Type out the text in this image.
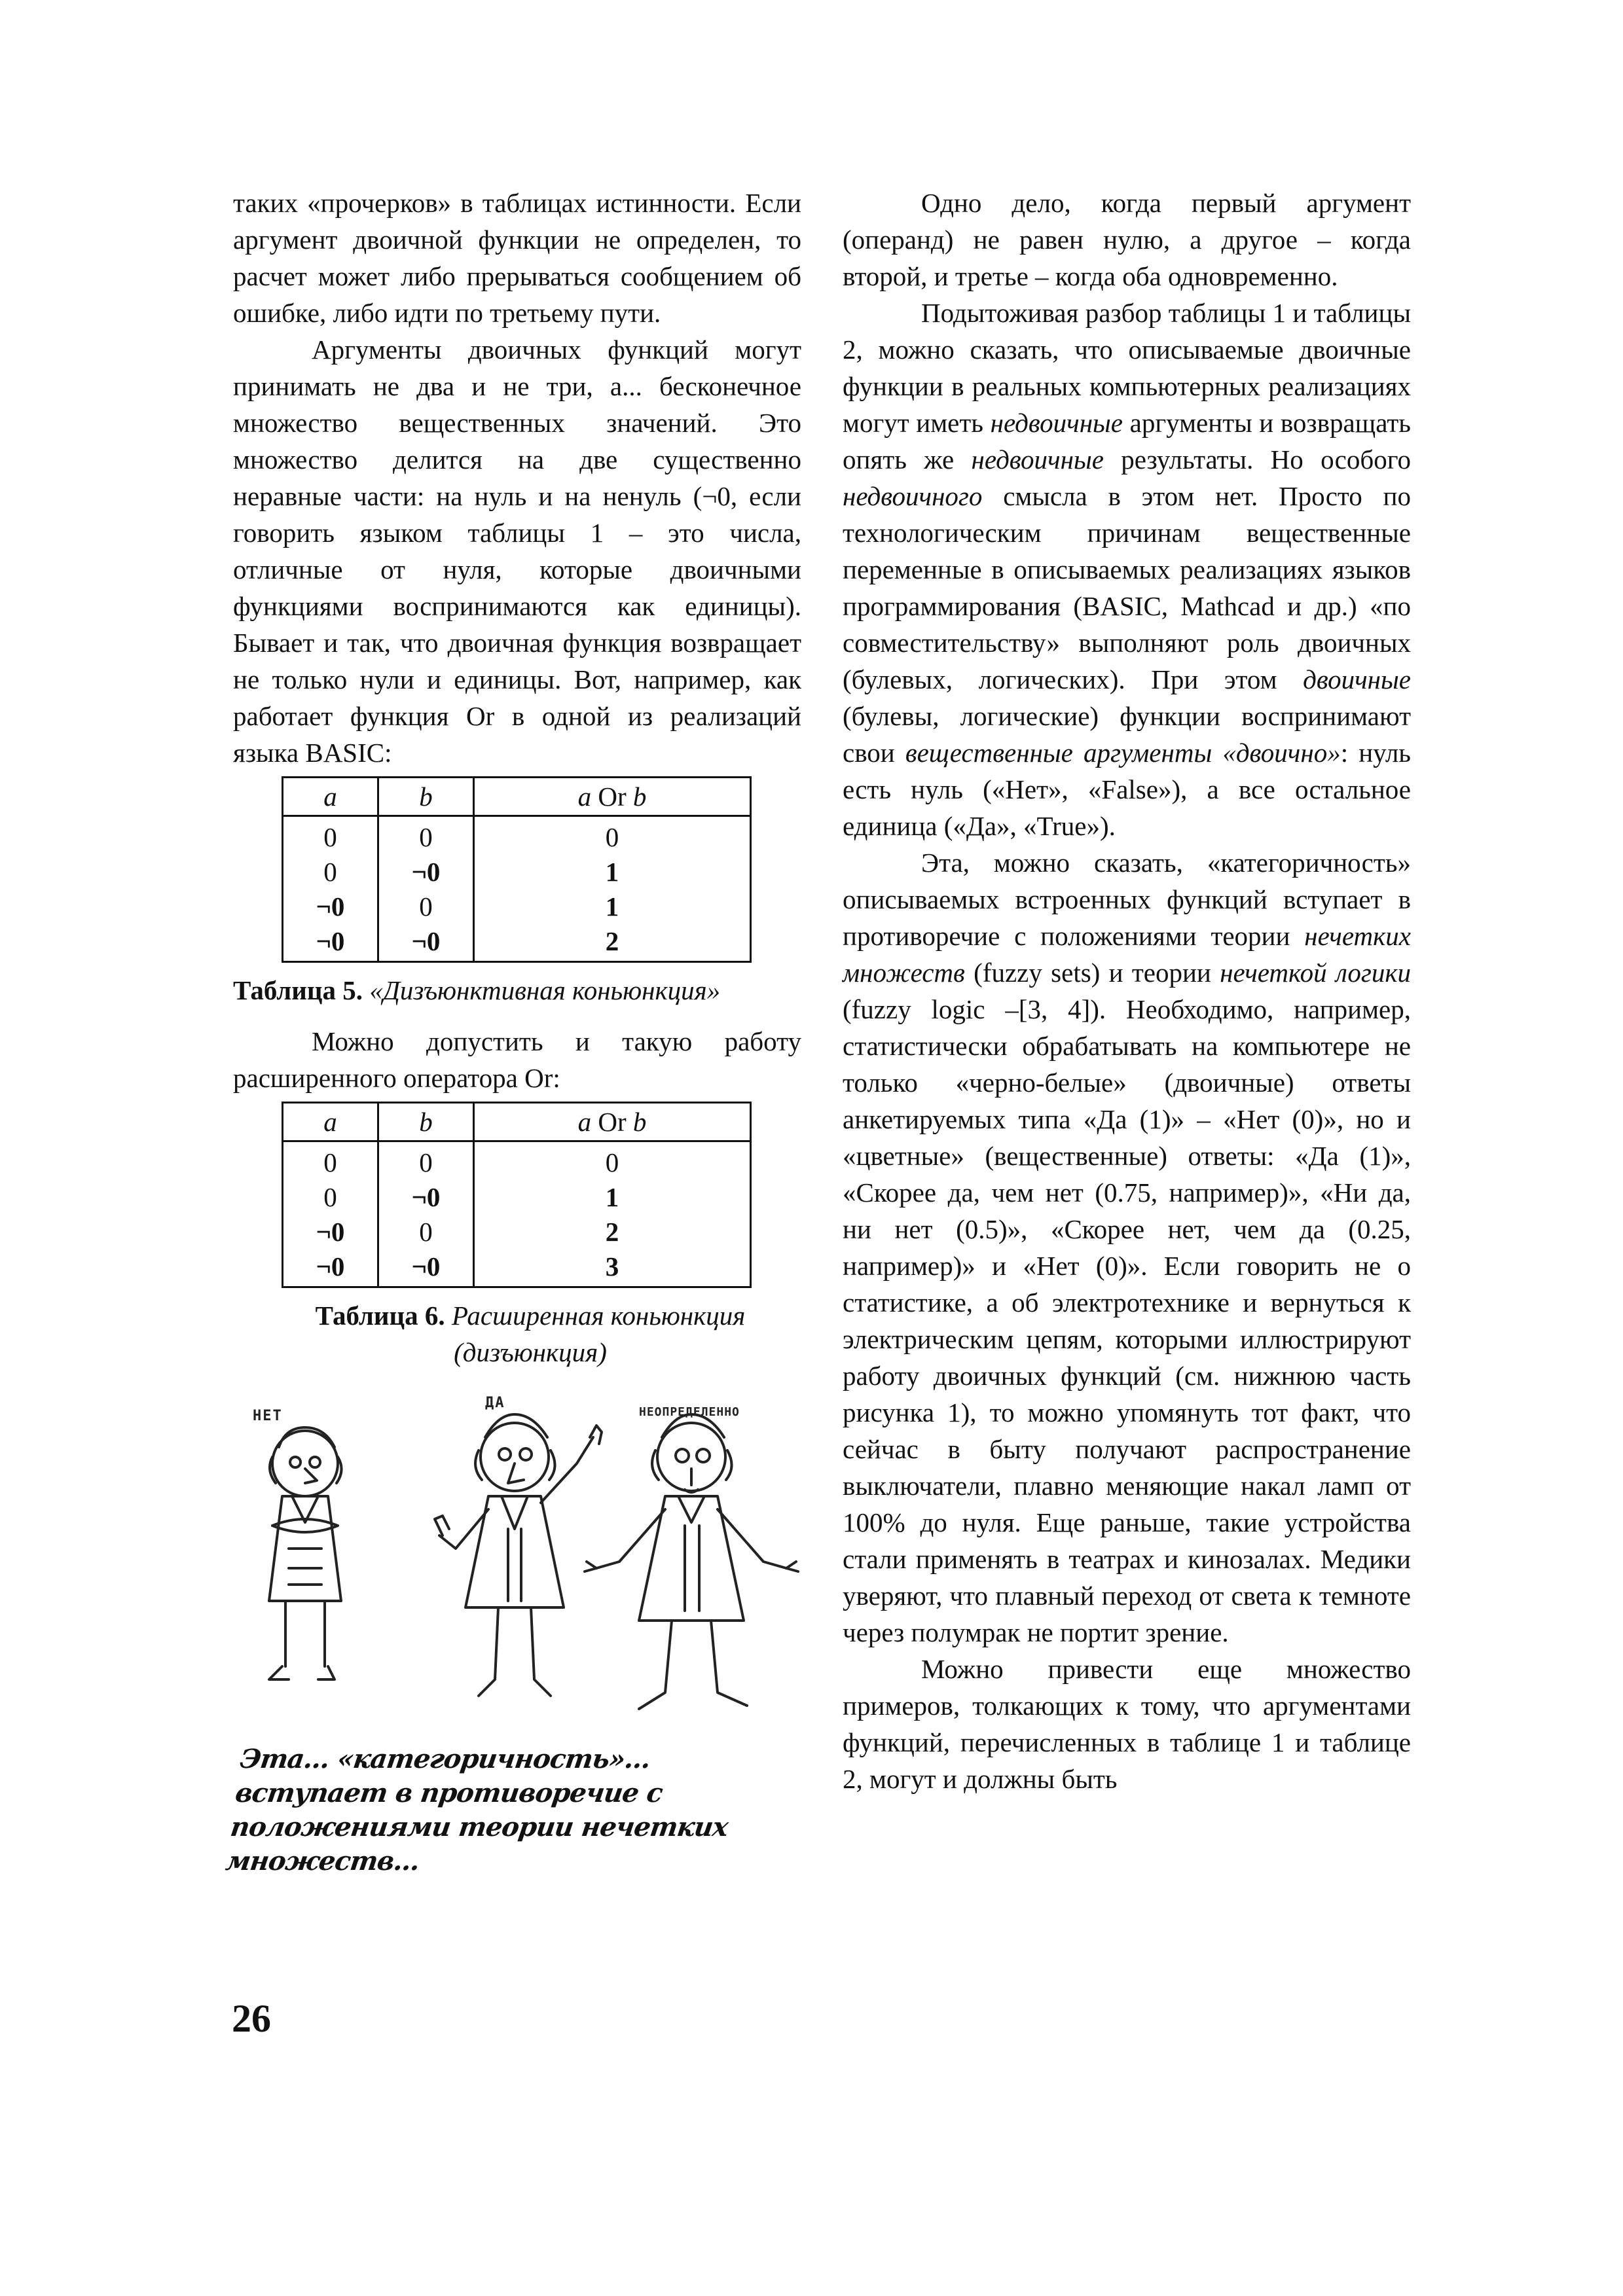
таких «прочерков» в таблицах истинности. Если аргумент двоичной функции не определен, то расчет может либо прерываться сообщением об ошибке, либо идти по третьему пути.

Аргументы двоичных функций могут принимать не два и не три, а... бесконечное множество вещественных значений. Это множество делится на две существенно неравные части: на нуль и на ненуль (¬0, если говорить языком таблицы 1 – это числа, отличные от нуля, которые двоичными функциями воспринимаются как единицы). Бывает и так, что двоичная функция возвращает не только нули и единицы. Вот, например, как работает функция Or в одной из реализаций языка BASIC:

a	b	a Or b
0	0	0
0	¬0	1
¬0	0	1
¬0	¬0	2
Таблица 5. «Дизъюнктивная коньюнкция»

Можно допустить и такую работу расширенного оператора Or:

a	b	a Or b
0	0	0
0	¬0	1
¬0	0	2
¬0	¬0	3
Таблица 6. Расширенная коньюнкция (дизъюнкция)
НЕТ
ДА
НЕОПРЕДЕЛЕННО
Эта... «категоричность»... вступает в противоречие с положениями теории нечетких множеств...

Одно дело, когда первый аргумент (операнд) не равен нулю, а другое – когда второй, и третье – когда оба одновременно.

Подытоживая разбор таблицы 1 и таблицы 2, можно сказать, что описываемые двоичные функции в реальных компьютерных реализациях могут иметь недвоичные аргументы и возвращать опять же недвоичные результаты. Но особого недвоичного смысла в этом нет. Просто по технологическим причинам вещественные переменные в описываемых реализациях языков программирования (BASIC, Mathcad и др.) «по совместительству» выполняют роль двоичных (булевых, логических). При этом двоичные (булевы, логические) функции воспринимают свои вещественные аргументы «двоично»: нуль есть нуль («Нет», «False»), а все остальное единица («Да», «True»).

Эта, можно сказать, «категоричность» описываемых встроенных функций вступает в противоречие с положениями теории нечетких множеств (fuzzy sets) и теории нечеткой логики (fuzzy logic –[3, 4]). Необходимо, например, статистически обрабатывать на компьютере не только «черно-белые» (двоичные) ответы анкетируемых типа «Да (1)» – «Нет (0)», но и «цветные» (вещественные) ответы: «Да (1)», «Скорее да, чем нет (0.75, например)», «Ни да, ни нет (0.5)», «Скорее нет, чем да (0.25, например)» и «Нет (0)». Если говорить не о статистике, а об электротехнике и вернуться к электрическим цепям, которыми иллюстрируют работу двоичных функций (см. нижнюю часть рисунка 1), то можно упомянуть тот факт, что сейчас в быту получают распространение выключатели, плавно меняющие накал ламп от 100% до нуля. Еще раньше, такие устройства стали применять в театрах и кинозалах. Медики уверяют, что плавный переход от света к темноте через полумрак не портит зрение.

Можно привести еще множество примеров, толкающих к тому, что аргументами функций, перечисленных в таблице 1 и таблице 2, могут и должны быть

26
